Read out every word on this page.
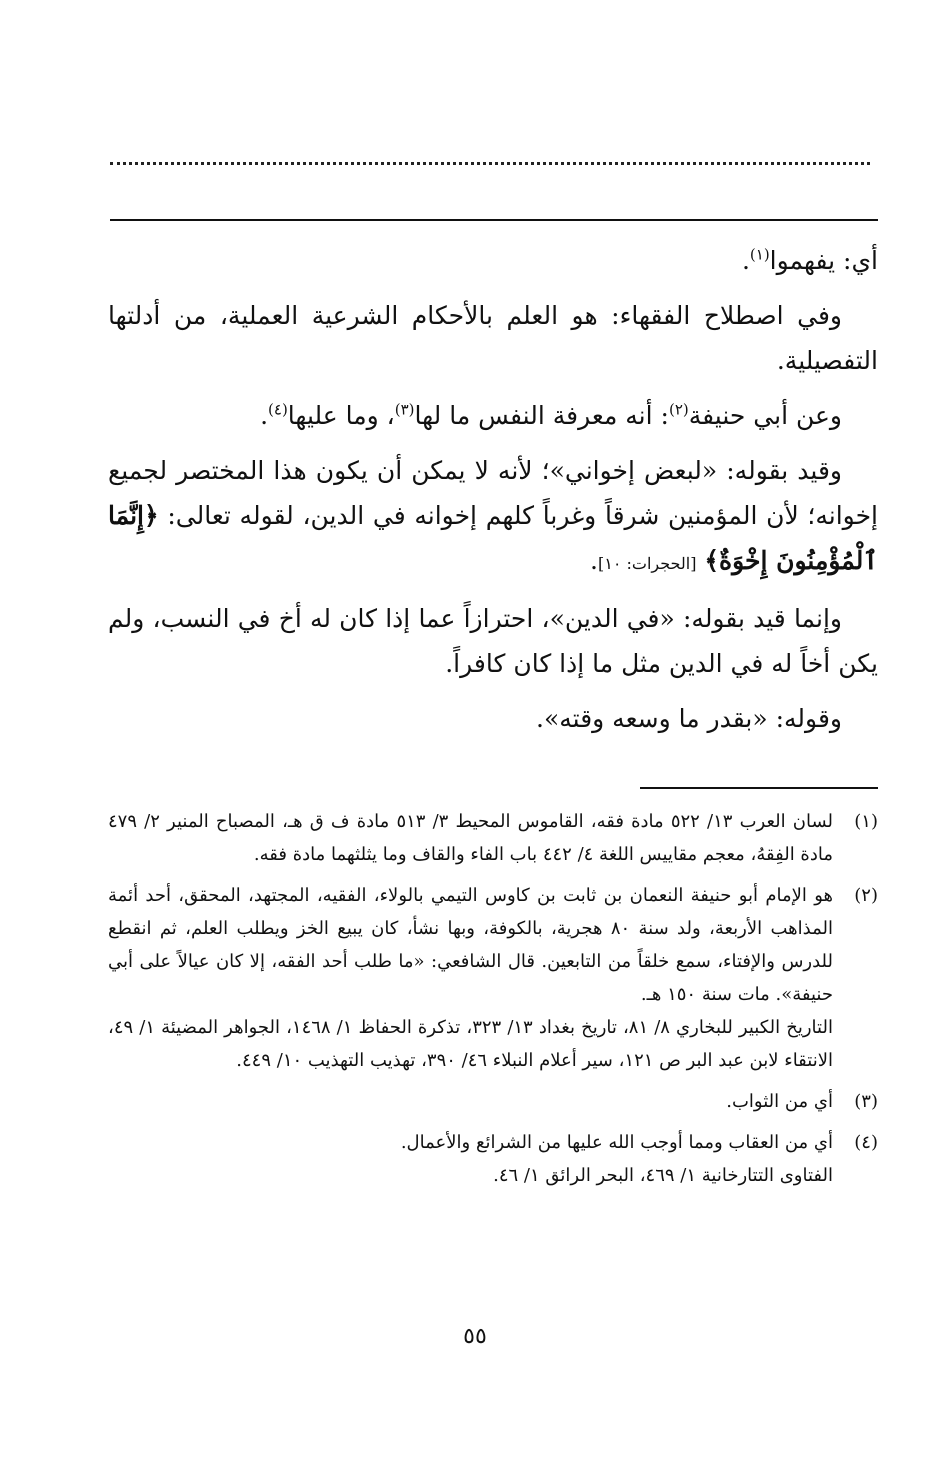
أي: يفهموا$^{(١)}$.

وفي اصطلاح الفقهاء: هو العلم بالأحكام الشرعية العملية، من أدلتها التفصيلية.

وعن أبي حنيفة$^{(٢)}$: أنه معرفة النفس ما لها$^{(٣)}$، وما عليها$^{(٤)}$.

وقيد بقوله: «لبعض إخواني»؛ لأنه لا يمكن أن يكون هذا المختصر لجميع إخوانه؛ لأن المؤمنين شرقاً وغرباً كلهم إخوانه في الدين، لقوله تعالى: ﴿إِنَّمَا ٱلْمُؤْمِنُونَ إِخْوَةٌ﴾ [الحجرات: ١٠].

وإنما قيد بقوله: «في الدين»، احترازاً عما إذا كان له أخ في النسب، ولم يكن أخاً له في الدين مثل ما إذا كان كافراً.

وقوله: «بقدر ما وسعه وقته».

(١)

لسان العرب ١٣/ ٥٢٢ مادة فقه، القاموس المحيط ٣/ ٥١٣ مادة ف ق هـ، المصباح المنير ٢/ ٤٧٩ مادة الفِقهُ، معجم مقاييس اللغة ٤/ ٤٤٢ باب الفاء والقاف وما يثلثهما مادة فقه.

(٢)

هو الإمام أبو حنيفة النعمان بن ثابت بن كاوس التيمي بالولاء، الفقيه، المجتهد، المحقق، أحد أئمة المذاهب الأربعة، ولد سنة ٨٠ هجرية، بالكوفة، وبها نشأ، كان يبيع الخز ويطلب العلم، ثم انقطع للدرس والإفتاء، سمع خلقاً من التابعين. قال الشافعي: «ما طلب أحد الفقه، إلا كان عيالاً على أبي حنيفة». مات سنة ١٥٠ هـ.

التاريخ الكبير للبخاري ٨/ ٨١، تاريخ بغداد ١٣/ ٣٢٣، تذكرة الحفاظ ١/ ١٤٦٨، الجواهر المضيئة ١/ ٤٩، الانتقاء لابن عبد البر ص ١٢١، سير أعلام النبلاء ٤٦/ ٣٩٠، تهذيب التهذيب ١٠/ ٤٤٩.

(٣)

أي من الثواب.

(٤)

أي من العقاب ومما أوجب الله عليها من الشرائع والأعمال.

الفتاوى التتارخانية ١/ ٤٦٩، البحر الرائق ١/ ٤٦.

٥٥
